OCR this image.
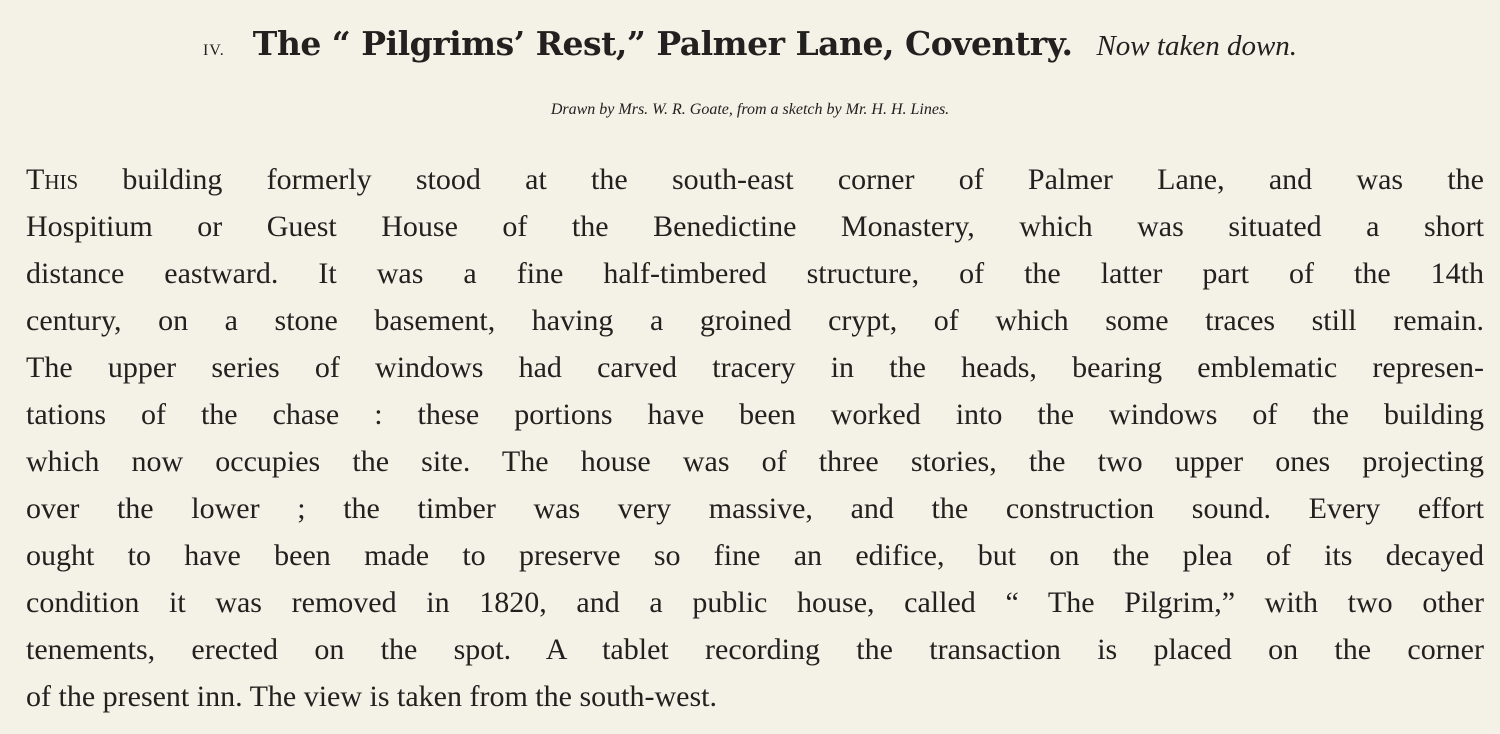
IV. The “ Pilgrims’ Rest,” Palmer Lane, Coventry. Now taken down.
Drawn by Mrs. W. R. Goate, from a sketch by Mr. H. H. Lines.
This building formerly stood at the south-east corner of Palmer Lane, and was the
Hospitium or Guest House of the Benedictine Monastery, which was situated a short
distance eastward. It was a fine half-timbered structure, of the latter part of the 14th
century, on a stone basement, having a groined crypt, of which some traces still remain.
The upper series of windows had carved tracery in the heads, bearing emblematic represen-
tations of the chase : these portions have been worked into the windows of the building
which now occupies the site. The house was of three stories, the two upper ones projecting
over the lower ; the timber was very massive, and the construction sound. Every effort
ought to have been made to preserve so fine an edifice, but on the plea of its decayed
condition it was removed in 1820, and a public house, called “ The Pilgrim,” with two other
tenements, erected on the spot. A tablet recording the transaction is placed on the corner
of the present inn. The view is taken from the south-west.
